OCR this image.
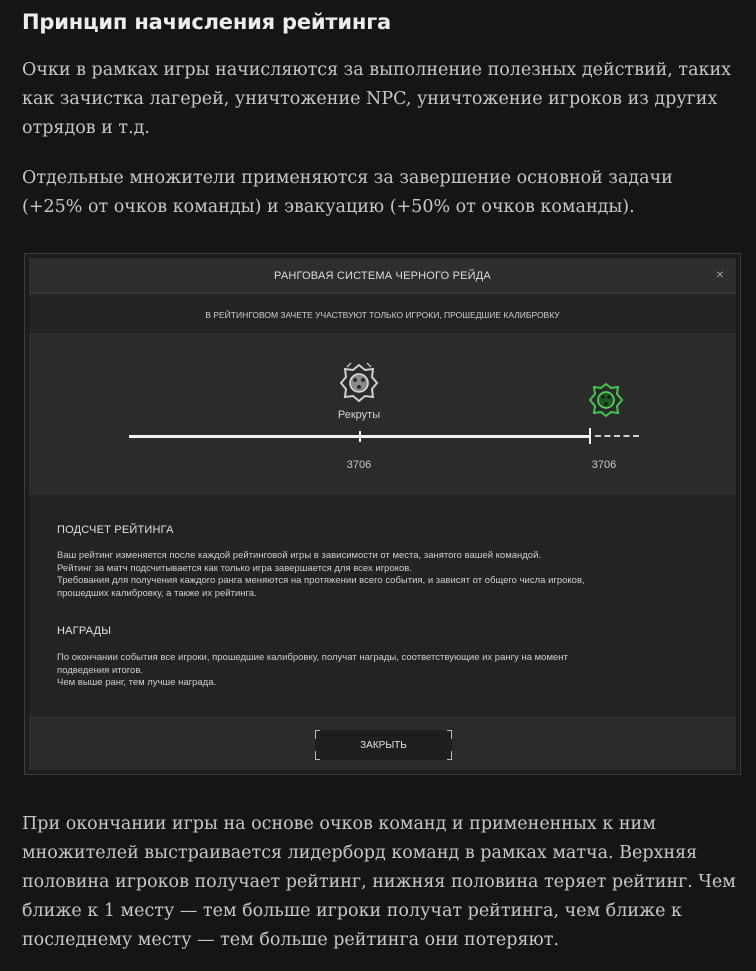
Принцип начисления рейтинга

Очки в рамках игры начисляются за выполнение полезных действий, таких как зачистка лагерей, уничтожение NPC, уничтожение игроков из других отрядов и т.д.

Отдельные множители применяются за завершение основной задачи (+25% от очков команды) и эвакуацию (+50% от очков команды).

РАНГОВАЯ СИСТЕМА ЧЕРНОГО РЕЙДА	×
В РЕЙТИНГОВОМ ЗАЧЕТЕ УЧАСТВУЮТ ТОЛЬКО ИГРОКИ, ПРОШЕДШИЕ КАЛИБРОВКУ
Рекруты
3706	3706
ПОДСЧЕТ РЕЙТИНГА
Ваш рейтинг изменяется после каждой рейтинговой игры в зависимости от места, занятого вашей командой.
Рейтинг за матч подсчитывается как только игра завершается для всех игроков.
Требования для получения каждого ранга меняются на протяжении всего события, и зависят от общего числа игроков,
прошедших калибровку, а также их рейтинга.
НАГРАДЫ
По окончании события все игроки, прошедшие калибровку, получат награды, соответствующие их рангу на момент
подведения итогов.
Чем выше ранг, тем лучше награда.
ЗАКРЫТЬ

При окончании игры на основе очков команд и примененных к ним множителей выстраивается лидерборд команд в рамках матча. Верхняя половина игроков получает рейтинг, нижняя половина теряет рейтинг. Чем ближе к 1 месту — тем больше игроки получат рейтинга, чем ближе к последнему месту — тем больше рейтинга они потеряют.
